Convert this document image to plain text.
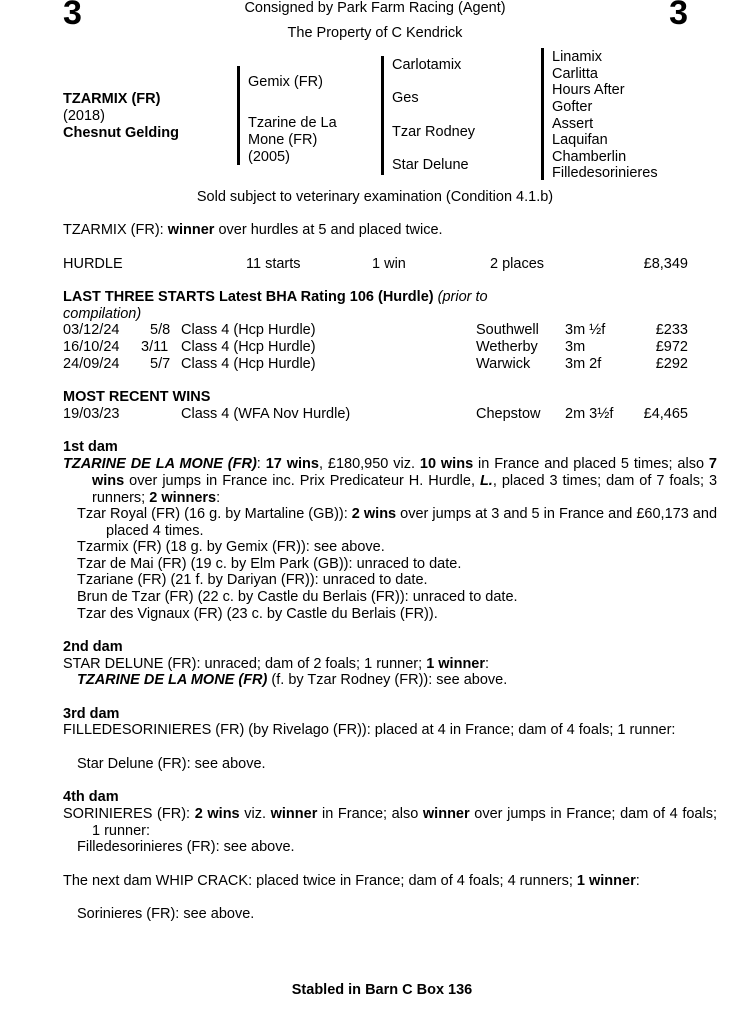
3	3
Consigned by Park Farm Racing (Agent)
The Property of C Kendrick
TZARMIX (FR)
(2018)
Chesnut Gelding
Gemix (FR)
Tzarine de La
Mone (FR)
(2005)
Carlotamix
Ges
Tzar Rodney
Star Delune
Linamix
Carlitta
Hours After
Gofter
Assert
Laquifan
Chamberlin
Filledesorinieres
Sold subject to veterinary examination (Condition 4.1.b)
TZARMIX (FR): winner over hurdles at 5 and placed twice.
HURDLE	11 starts	1 win	2 places	£8,349
LAST THREE STARTS Latest BHA Rating 106 (Hurdle) (prior to
compilation)
03/12/24 5/8 Class 4 (Hcp Hurdle)	Southwell 3m ½f	£233
16/10/24 3/11 Class 4 (Hcp Hurdle)	Wetherby 3m	£972
24/09/24 5/7 Class 4 (Hcp Hurdle)	Warwick 3m 2f	£292
MOST RECENT WINS
19/03/23	Class 4 (WFA Nov Hurdle)	Chepstow 2m 3½f £4,465
1st dam
TZARINE DE LA MONE (FR): 17 wins, £180,950 viz. 10 wins in France and placed 5 times; also 7 wins over jumps in France inc. Prix Predicateur H. Hurdle, L., placed 3 times; dam of 7 foals; 3 runners; 2 winners:
Tzar Royal (FR) (16 g. by Martaline (GB)): 2 wins over jumps at 3 and 5 in France and £60,173 and placed 4 times.
Tzarmix (FR) (18 g. by Gemix (FR)): see above.
Tzar de Mai (FR) (19 c. by Elm Park (GB)): unraced to date.
Tzariane (FR) (21 f. by Dariyan (FR)): unraced to date.
Brun de Tzar (FR) (22 c. by Castle du Berlais (FR)): unraced to date.
Tzar des Vignaux (FR) (23 c. by Castle du Berlais (FR)).
2nd dam
STAR DELUNE (FR): unraced; dam of 2 foals; 1 runner; 1 winner:
TZARINE DE LA MONE (FR) (f. by Tzar Rodney (FR)): see above.
3rd dam
FILLEDESORINIERES (FR) (by Rivelago (FR)): placed at 4 in France; dam of 4 foals; 1 runner:
Star Delune (FR): see above.
4th dam
SORINIERES (FR): 2 wins viz. winner in France; also winner over jumps in France; dam of 4 foals; 1 runner:
Filledesorinieres (FR): see above.
The next dam WHIP CRACK: placed twice in France; dam of 4 foals; 4 runners; 1 winner:
Sorinieres (FR): see above.
Stabled in Barn C Box 136
